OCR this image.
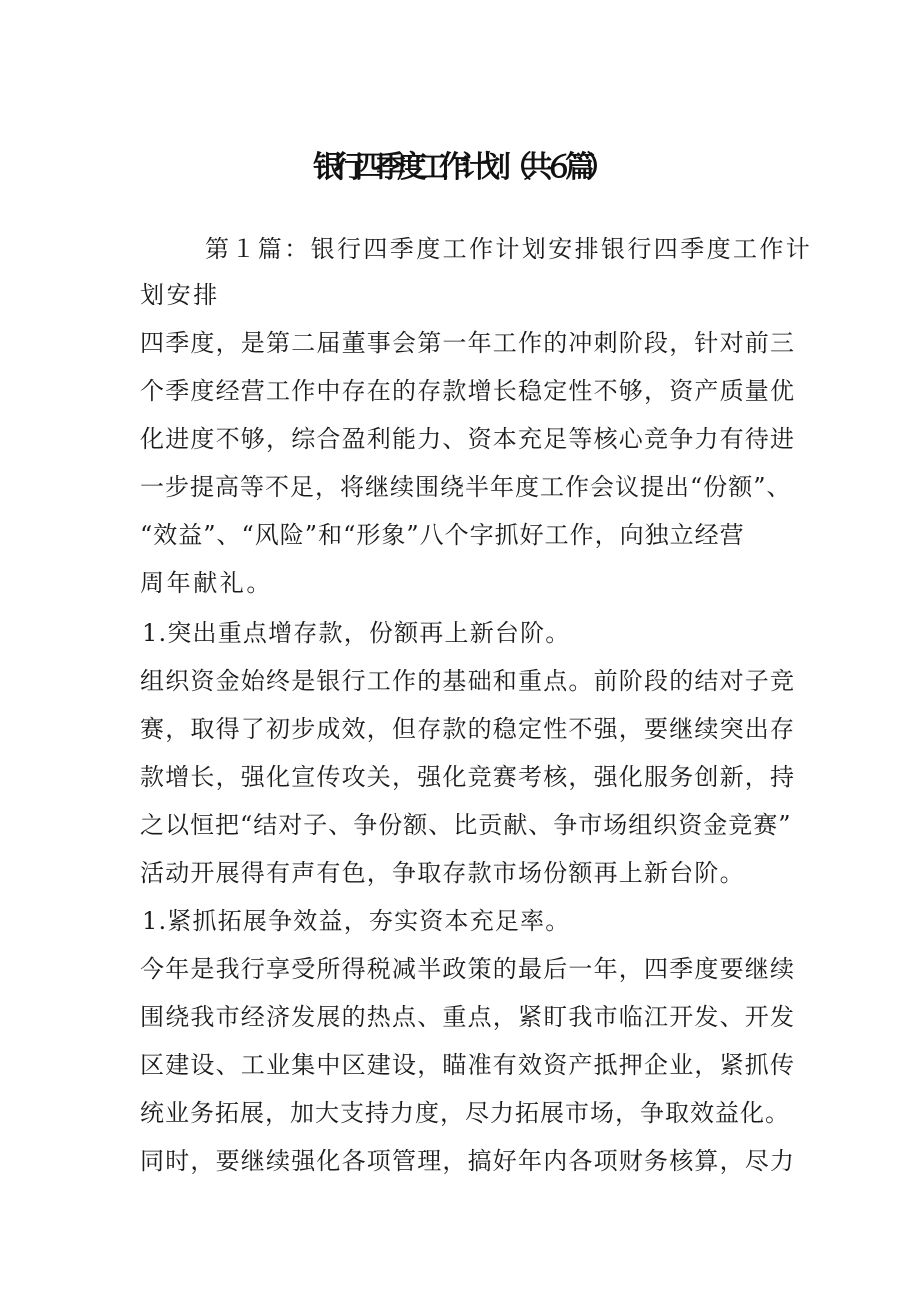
银行四季度工作计划（共６篇）
第１篇：银行四季度工作计划安排银行四季度工作计
划安排
四季度，是第二届董事会第一年工作的冲刺阶段，针对前三
个季度经营工作中存在的存款增长稳定性不够，资产质量优
化进度不够，综合盈利能力、资本充足等核心竞争力有待进
一步提高等不足，将继续围绕半年度工作会议提出“份额”、
“效益”、“风险”和“形象”八个字抓好工作，向独立经营
周年献礼。
1.突出重点增存款，份额再上新台阶。
组织资金始终是银行工作的基础和重点。前阶段的结对子竞
赛，取得了初步成效，但存款的稳定性不强，要继续突出存
款增长，强化宣传攻关，强化竞赛考核，强化服务创新，持
之以恒把“结对子、争份额、比贡献、争市场组织资金竞赛”
活动开展得有声有色，争取存款市场份额再上新台阶。
1.紧抓拓展争效益，夯实资本充足率。
今年是我行享受所得税减半政策的最后一年，四季度要继续
围绕我市经济发展的热点、重点，紧盯我市临江开发、开发
区建设、工业集中区建设，瞄准有效资产抵押企业，紧抓传
统业务拓展，加大支持力度，尽力拓展市场，争取效益化。
同时，要继续强化各项管理，搞好年内各项财务核算，尽力
